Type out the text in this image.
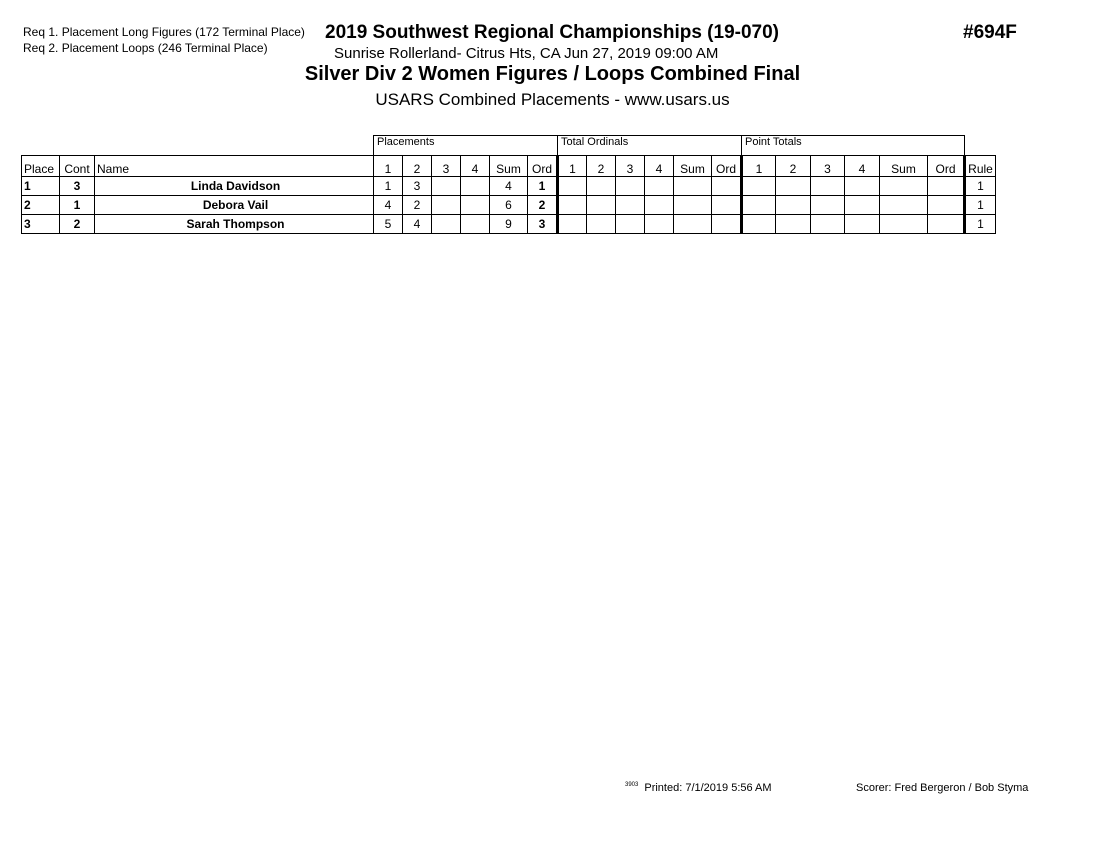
Req 1. Placement Long Figures (172 Terminal Place)
Req 2. Placement Loops (246 Terminal Place)
2019 Southwest Regional Championships (19-070)	#694F
Sunrise Rollerland- Citrus Hts, CA Jun 27, 2019 09:00 AM
Silver Div 2 Women Figures / Loops Combined Final
USARS Combined Placements - www.usars.us
			Placements						Total Ordinals						Point Totals						
Place	Cont	Name	1	2	3	4	Sum	Ord	1	2	3	4	Sum	Ord	1	2	3	4	Sum	Ord	Rule
1	3	Linda Davidson	1	3			4	1													1
2	1	Debora Vail	4	2			6	2													1
3	2	Sarah Thompson	5	4			9	3													1
$^{3903}$ Printed: 7/1/2019 5:56 AM	Scorer: Fred Bergeron / Bob Styma
